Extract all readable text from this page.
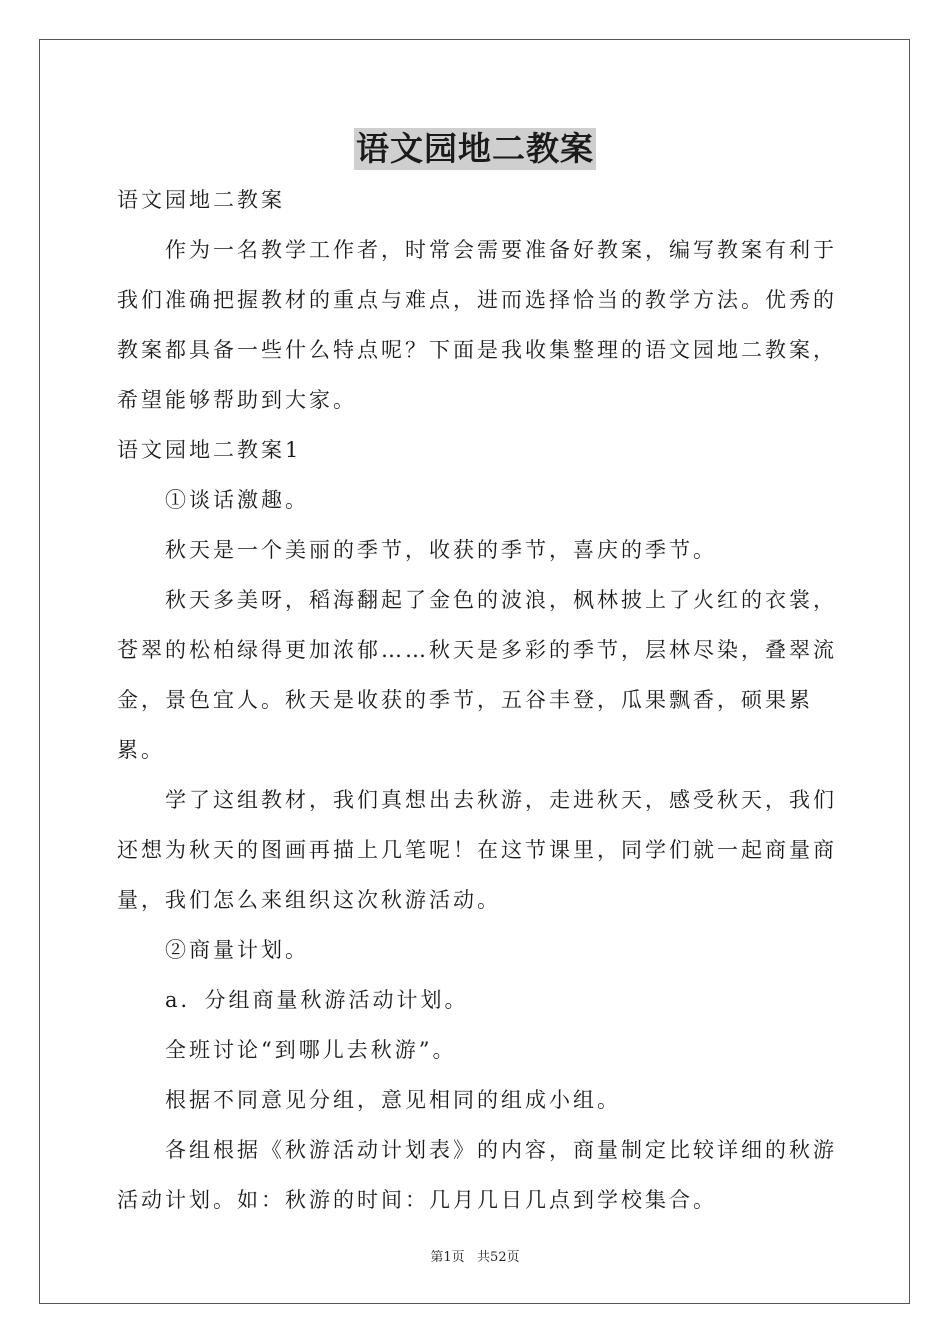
语文园地二教案

语文园地二教案

作为一名教学工作者，时常会需要准备好教案，编写教案有利于我们准确把握教材的重点与难点，进而选择恰当的教学方法。优秀的教案都具备一些什么特点呢？下面是我收集整理的语文园地二教案，希望能够帮助到大家。

语文园地二教案1

①谈话激趣。

秋天是一个美丽的季节，收获的季节，喜庆的季节。

秋天多美呀，稻海翻起了金色的波浪，枫林披上了火红的衣裳，苍翠的松柏绿得更加浓郁……秋天是多彩的季节，层林尽染，叠翠流金，景色宜人。秋天是收获的季节，五谷丰登，瓜果飘香，硕果累累。

学了这组教材，我们真想出去秋游，走进秋天，感受秋天，我们还想为秋天的图画再描上几笔呢！在这节课里，同学们就一起商量商量，我们怎么来组织这次秋游活动。

②商量计划。

a．分组商量秋游活动计划。

全班讨论“到哪儿去秋游”。

根据不同意见分组，意见相同的组成小组。

各组根据《秋游活动计划表》的内容，商量制定比较详细的秋游活动计划。如：秋游的时间：几月几日几点到学校集合。

第1页   共52页
